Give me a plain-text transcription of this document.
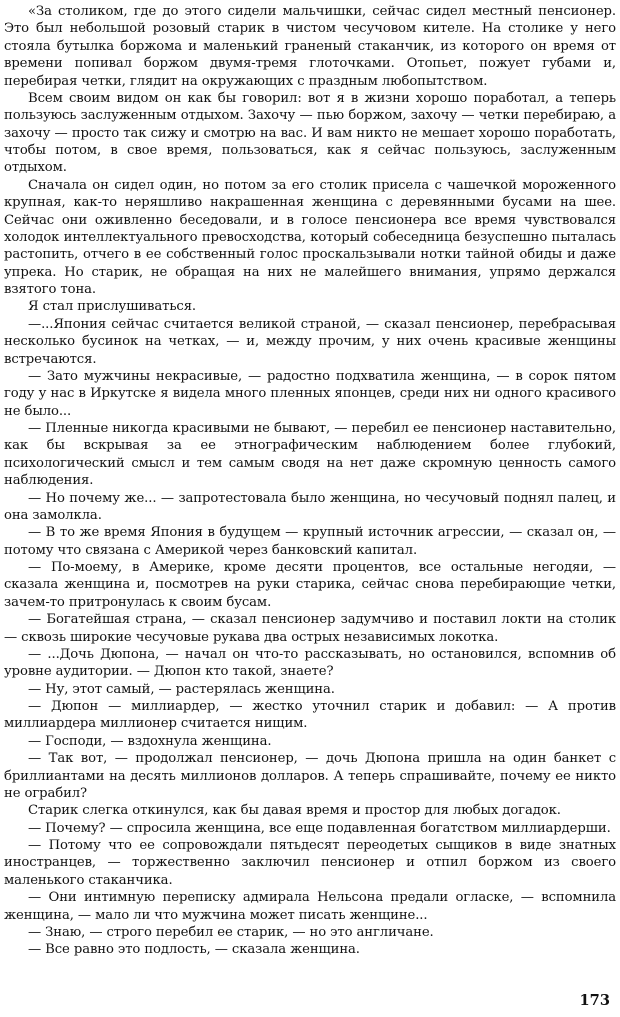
«За столиком, где до этого сидели мальчишки, сейчас сидел местный пенсионер. Это был небольшой розовый старик в чистом чесучовом кителе. На столике у него стояла бутылка боржома и маленький граненый стаканчик, из которого он время от времени попивал боржом двумя-тремя глоточками. Отопьет, пожует губами и, перебирая четки, глядит на окружающих с праздным любопытством.

Всем своим видом он как бы говорил: вот я в жизни хорошо поработал, а теперь пользуюсь заслуженным отдыхом. Захочу — пью боржом, захочу — четки перебираю, а захочу — просто так сижу и смотрю на вас. И вам никто не мешает хорошо поработать, чтобы потом, в свое время, пользоваться, как я сейчас пользуюсь, заслуженным отдыхом.

Сначала он сидел один, но потом за его столик присела с чашечкой мороженного крупная, как-то неряшливо накрашенная женщина с деревянными бусами на шее. Сейчас они оживленно беседовали, и в голосе пенсионера все время чувствовался холодок интеллектуального превосходства, который собеседница безуспешно пыталась растопить, отчего в ее собственный голос проскальзывали нотки тайной обиды и даже упрека. Но старик, не обращая на них не малейшего внимания, упрямо держался взятого тона.

Я стал прислушиваться.

—...Япония сейчас считается великой страной, — сказал пенсионер, перебрасывая несколько бусинок на четках, — и, между прочим, у них очень красивые женщины встречаются.

— Зато мужчины некрасивые, — радостно подхватила женщина, — в сорок пятом году у нас в Иркутске я видела много пленных японцев, среди них ни одного красивого не было...

— Пленные никогда красивыми не бывают, — перебил ее пенсионер наставительно, как бы вскрывая за ее этнографическим наблюдением более глубокий, психологический смысл и тем самым сводя на нет даже скромную ценность самого наблюдения.

— Но почему же... — запротестовала было женщина, но чесучовый поднял палец, и она замолкла.

— В то же время Япония в будущем — крупный источник агрессии, — сказал он, — потому что связана с Америкой через банковский капитал.

— По-моему, в Америке, кроме десяти процентов, все остальные негодяи, — сказала женщина и, посмотрев на руки старика, сейчас снова перебирающие четки, зачем-то притронулась к своим бусам.

— Богатейшая страна, — сказал пенсионер задумчиво и поставил локти на столик — сквозь широкие чесучовые рукава два острых независимых локотка.

— ...Дочь Дюпона, — начал он что-то рассказывать, но остановился, вспомнив об уровне аудитории. — Дюпон кто такой, знаете?

— Ну, этот самый, — растерялась женщина.

— Дюпон — миллиардер, — жестко уточнил старик и добавил: — А против миллиардера миллионер считается нищим.

— Господи, — вздохнула женщина.

— Так вот, — продолжал пенсионер, — дочь Дюпона пришла на один банкет с бриллиантами на десять миллионов долларов. А теперь спрашивайте, почему ее никто не ограбил?

Старик слегка откинулся, как бы давая время и простор для любых догадок.

— Почему? — спросила женщина, все еще подавленная богатством миллиардерши.

— Потому что ее сопровождали пятьдесят переодетых сыщиков в виде знатных иностранцев, — торжественно заключил пенсионер и отпил боржом из своего маленького стаканчика.

— Они интимную переписку адмирала Нельсона предали огласке, — вспомнила женщина, — мало ли что мужчина может писать женщине...

— Знаю, — строго перебил ее старик, — но это англичане.

— Все равно это подлость, — сказала женщина.

173
